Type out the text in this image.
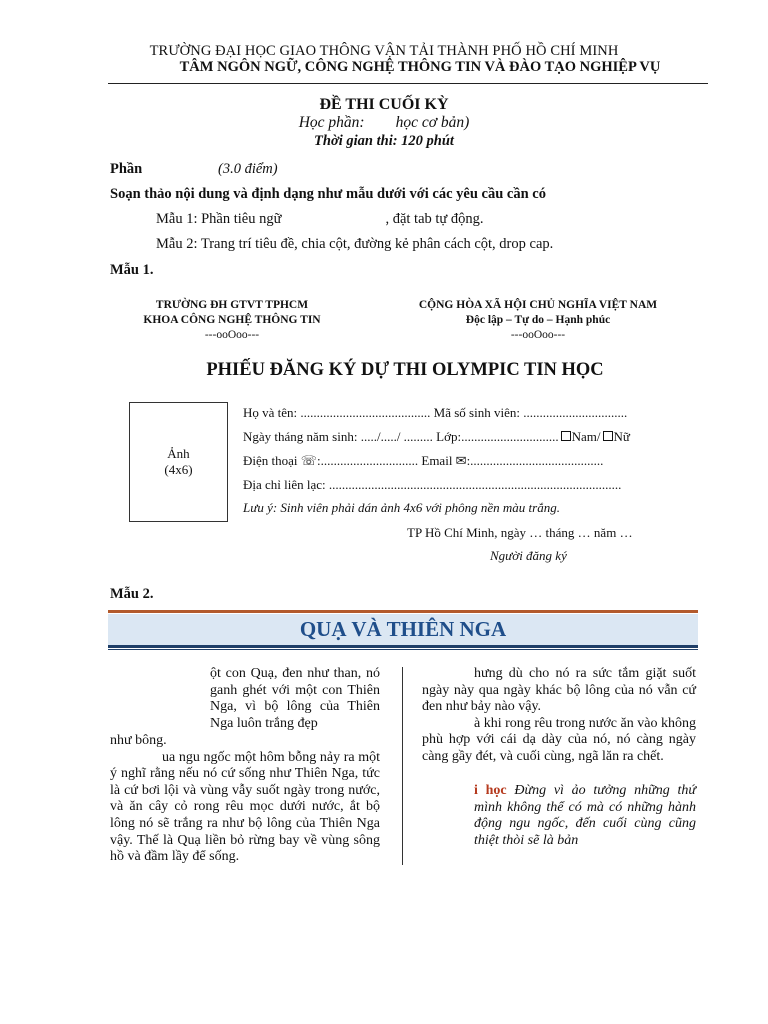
TRƯỜNG ĐẠI HỌC GIAO THÔNG VẬN TẢI THÀNH PHỐ HỒ CHÍ MINH
TÂM NGÔN NGỮ, CÔNG NGHỆ THÔNG TIN VÀ ĐÀO TẠO NGHIỆP VỤ
ĐỀ THI CUỐI KỲ
Học phần:        học cơ bản)
Thời gian thi: 120 phút
Phần	(3.0 điểm)
Soạn thảo nội dung và định dạng như mẫu dưới với các yêu cầu cần có
Mẫu 1: Phần tiêu ngữ	, đặt tab tự động.
Mẫu 2: Trang trí tiêu đề, chia cột, đường kẻ phân cách cột, drop cap.
Mẫu 1.
TRƯỜNG ĐH GTVT TPHCM
KHOA CÔNG NGHỆ THÔNG TIN
---ooOoo---
CỘNG HÒA XÃ HỘI CHỦ NGHĨA VIỆT NAM
Độc lập – Tự do – Hạnh phúc
---ooOoo---
PHIẾU ĐĂNG KÝ DỰ THI OLYMPIC TIN HỌC
Ảnh
(4x6)
Họ và tên: ........................................ Mã số sinh viên: ................................
Ngày tháng năm sinh: ...../...../ ......... Lớp:.............................. Nam/ Nữ
Điện thoại ☏:.............................. Email ✉:.........................................
Địa chỉ liên lạc: ..........................................................................................
Lưu ý: Sinh viên phải dán ảnh 4x6 với phông nền màu trắng.
TP Hồ Chí Minh, ngày … tháng … năm …
Người đăng ký
Mẫu 2.
QUẠ VÀ THIÊN NGA
ột con Quạ, đen như than, nó ganh ghét với một con Thiên Nga, vì bộ lông của Thiên Nga luôn trắng đẹp
như bông.
ua ngu ngốc một hôm bỗng nảy ra một ý nghĩ rằng nếu nó cứ sống như Thiên Nga, tức là cứ bơi lội và vùng vẫy suốt ngày trong nước, và ăn cây cỏ rong rêu mọc dưới nước, ắt bộ lông nó sẽ trắng ra như bộ lông của Thiên Nga vậy. Thế là Quạ liền bỏ rừng bay về vùng sông hồ và đầm lầy để sống.
hưng dù cho nó ra sức tắm giặt suốt ngày này qua ngày khác bộ lông của nó vẫn cứ đen như bảy nào vậy.
à khi rong rêu trong nước ăn vào không phù hợp với cái dạ dày của nó, nó càng ngày càng gầy đét, và cuối cùng, ngã lăn ra chết.
i học Đừng vì ảo tưởng những thứ mình không thể có mà có những hành động ngu ngốc, đến cuối cùng cũng thiệt thòi sẽ là bản
